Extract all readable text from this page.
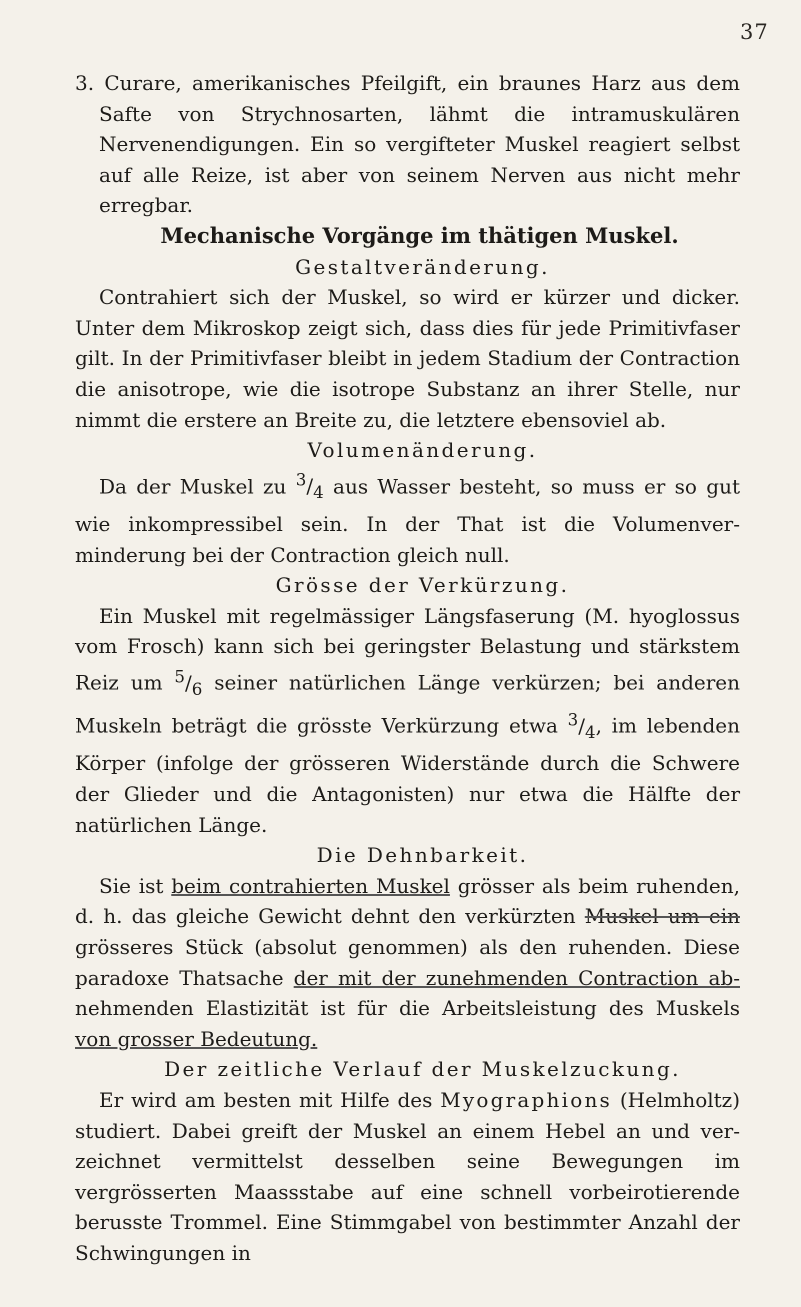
37

3. Curare, amerikanisches Pfeilgift, ein braunes Harz aus dem Safte von Strychnosarten, lähmt die intramuskulären Nervenendigungen. Ein so vergifteter Muskel reagiert selbst auf alle Reize, ist aber von seinem Nerven aus nicht mehr erregbar.

Mechanische Vorgänge im thätigen Muskel.

Gestaltveränderung.

Contrahiert sich der Muskel, so wird er kürzer und dicker. Unter dem Mikroskop zeigt sich, dass dies für jede Primitivfaser gilt. In der Primitivfaser bleibt in jedem Stadium der Contraction die anisotrope, wie die isotrope Substanz an ihrer Stelle, nur nimmt die erstere an Breite zu, die letztere ebensoviel ab.

Volumenänderung.

Da der Muskel zu $^3/_4$ aus Wasser besteht, so muss er so gut wie inkompressibel sein. In der That ist die Volumenver- minderung bei der Contraction gleich null.

Grösse der Verkürzung.

Ein Muskel mit regelmässiger Längsfaserung (M. hyoglossus vom Frosch) kann sich bei geringster Belastung und stärkstem Reiz um $^5/_6$ seiner natürlichen Länge verkürzen; bei anderen Muskeln beträgt die grösste Verkürzung etwa $^3/_4$, im lebenden Körper (infolge der grösseren Widerstände durch die Schwere der Glieder und die Antagonisten) nur etwa die Hälfte der natürlichen Länge.

Die Dehnbarkeit.

Sie ist beim contrahierten Muskel grösser als beim ruhenden, d. h. das gleiche Gewicht dehnt den verkürzten Muskel um ein grösseres Stück (absolut genommen) als den ruhenden. Diese paradoxe Thatsache der mit der zunehmenden Contraction ab- nehmenden Elastizität ist für die Arbeitsleistung des Muskels von grosser Bedeutung.

Der zeitliche Verlauf der Muskelzuckung.

Er wird am besten mit Hilfe des Myographions (Helmholtz) studiert. Dabei greift der Muskel an einem Hebel an und ver- zeichnet vermittelst desselben seine Bewegungen im vergrösserten Maassstabe auf eine schnell vorbeirotierende berusste Trommel. Eine Stimmgabel von bestimmter Anzahl der Schwingungen in
